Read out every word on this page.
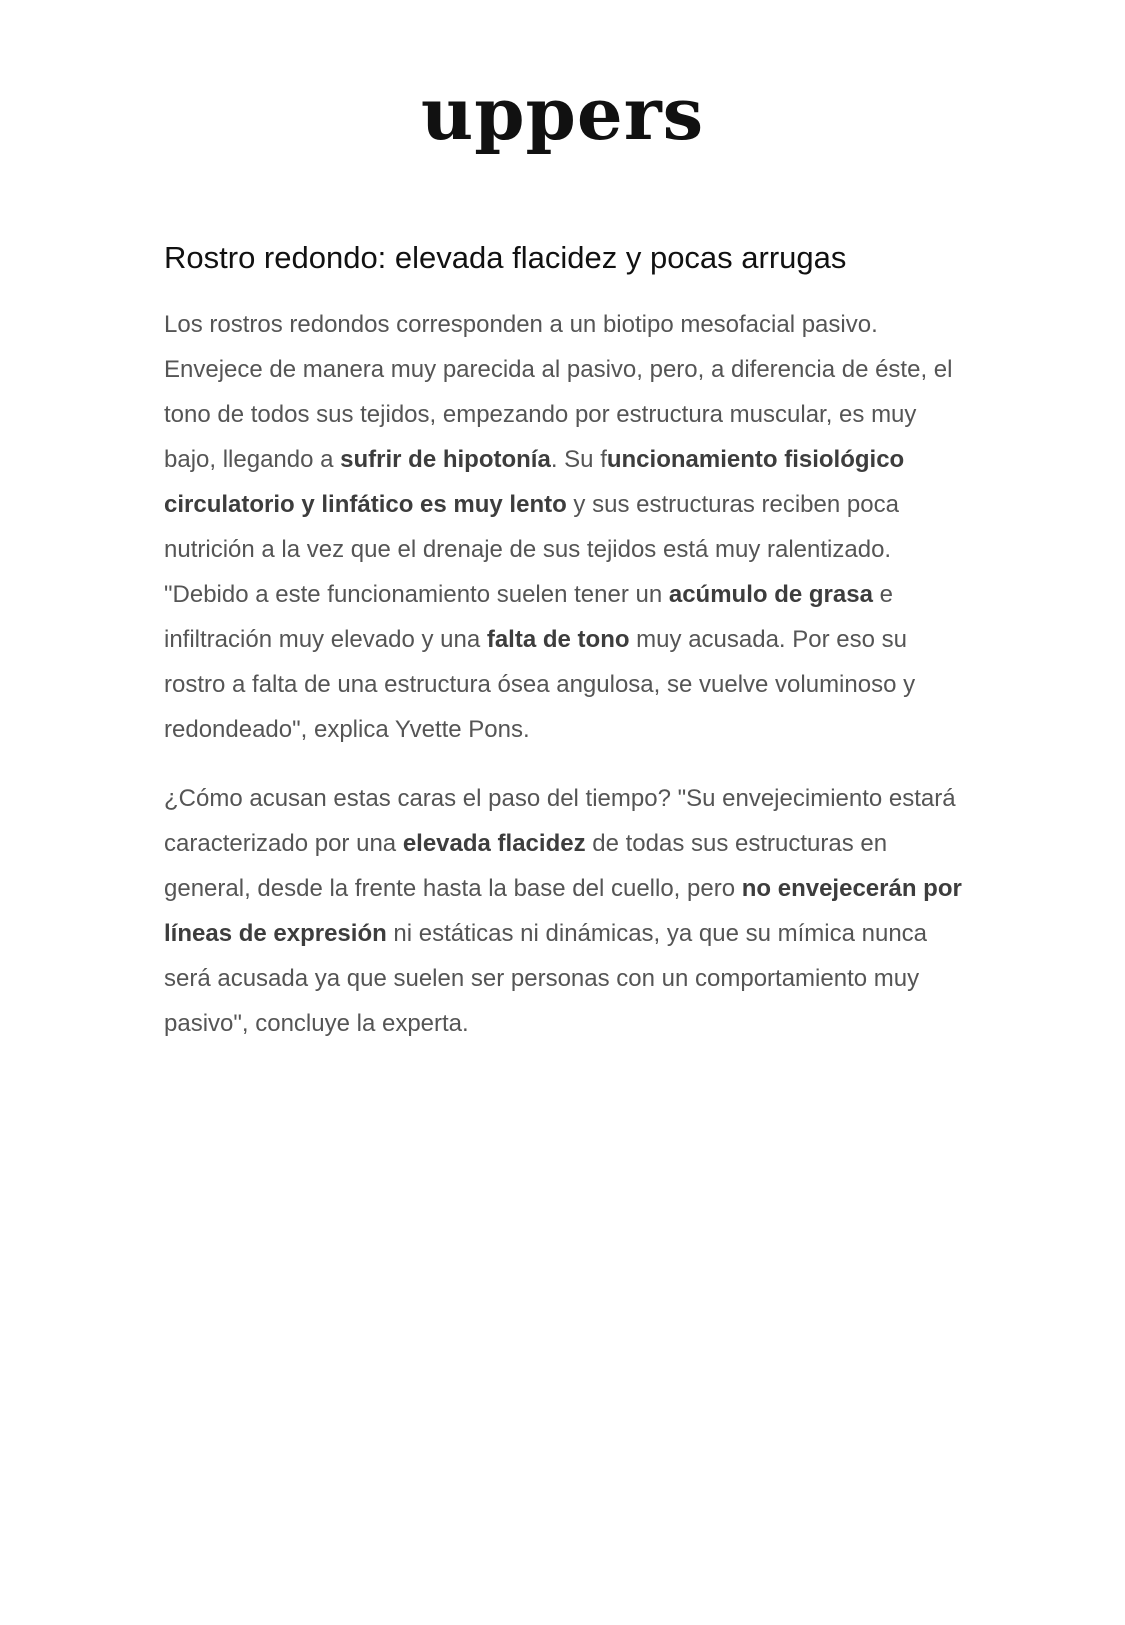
uppers
Rostro redondo: elevada flacidez y pocas arrugas

Los rostros redondos corresponden a un biotipo mesofacial pasivo. Envejece de manera muy parecida al pasivo, pero, a diferencia de éste, el tono de todos sus tejidos, empezando por estructura muscular, es muy bajo, llegando a sufrir de hipotonía. Su funcionamiento fisiológico circulatorio y linfático es muy lento y sus estructuras reciben poca nutrición a la vez que el drenaje de sus tejidos está muy ralentizado. "Debido a este funcionamiento suelen tener un acúmulo de grasa e infiltración muy elevado y una falta de tono muy acusada. Por eso su rostro a falta de una estructura ósea angulosa, se vuelve voluminoso y redondeado", explica Yvette Pons.

¿Cómo acusan estas caras el paso del tiempo? "Su envejecimiento estará caracterizado por una elevada flacidez de todas sus estructuras en general, desde la frente hasta la base del cuello, pero no envejecerán por líneas de expresión ni estáticas ni dinámicas, ya que su mímica nunca será acusada ya que suelen ser personas con un comportamiento muy pasivo", concluye la experta.
